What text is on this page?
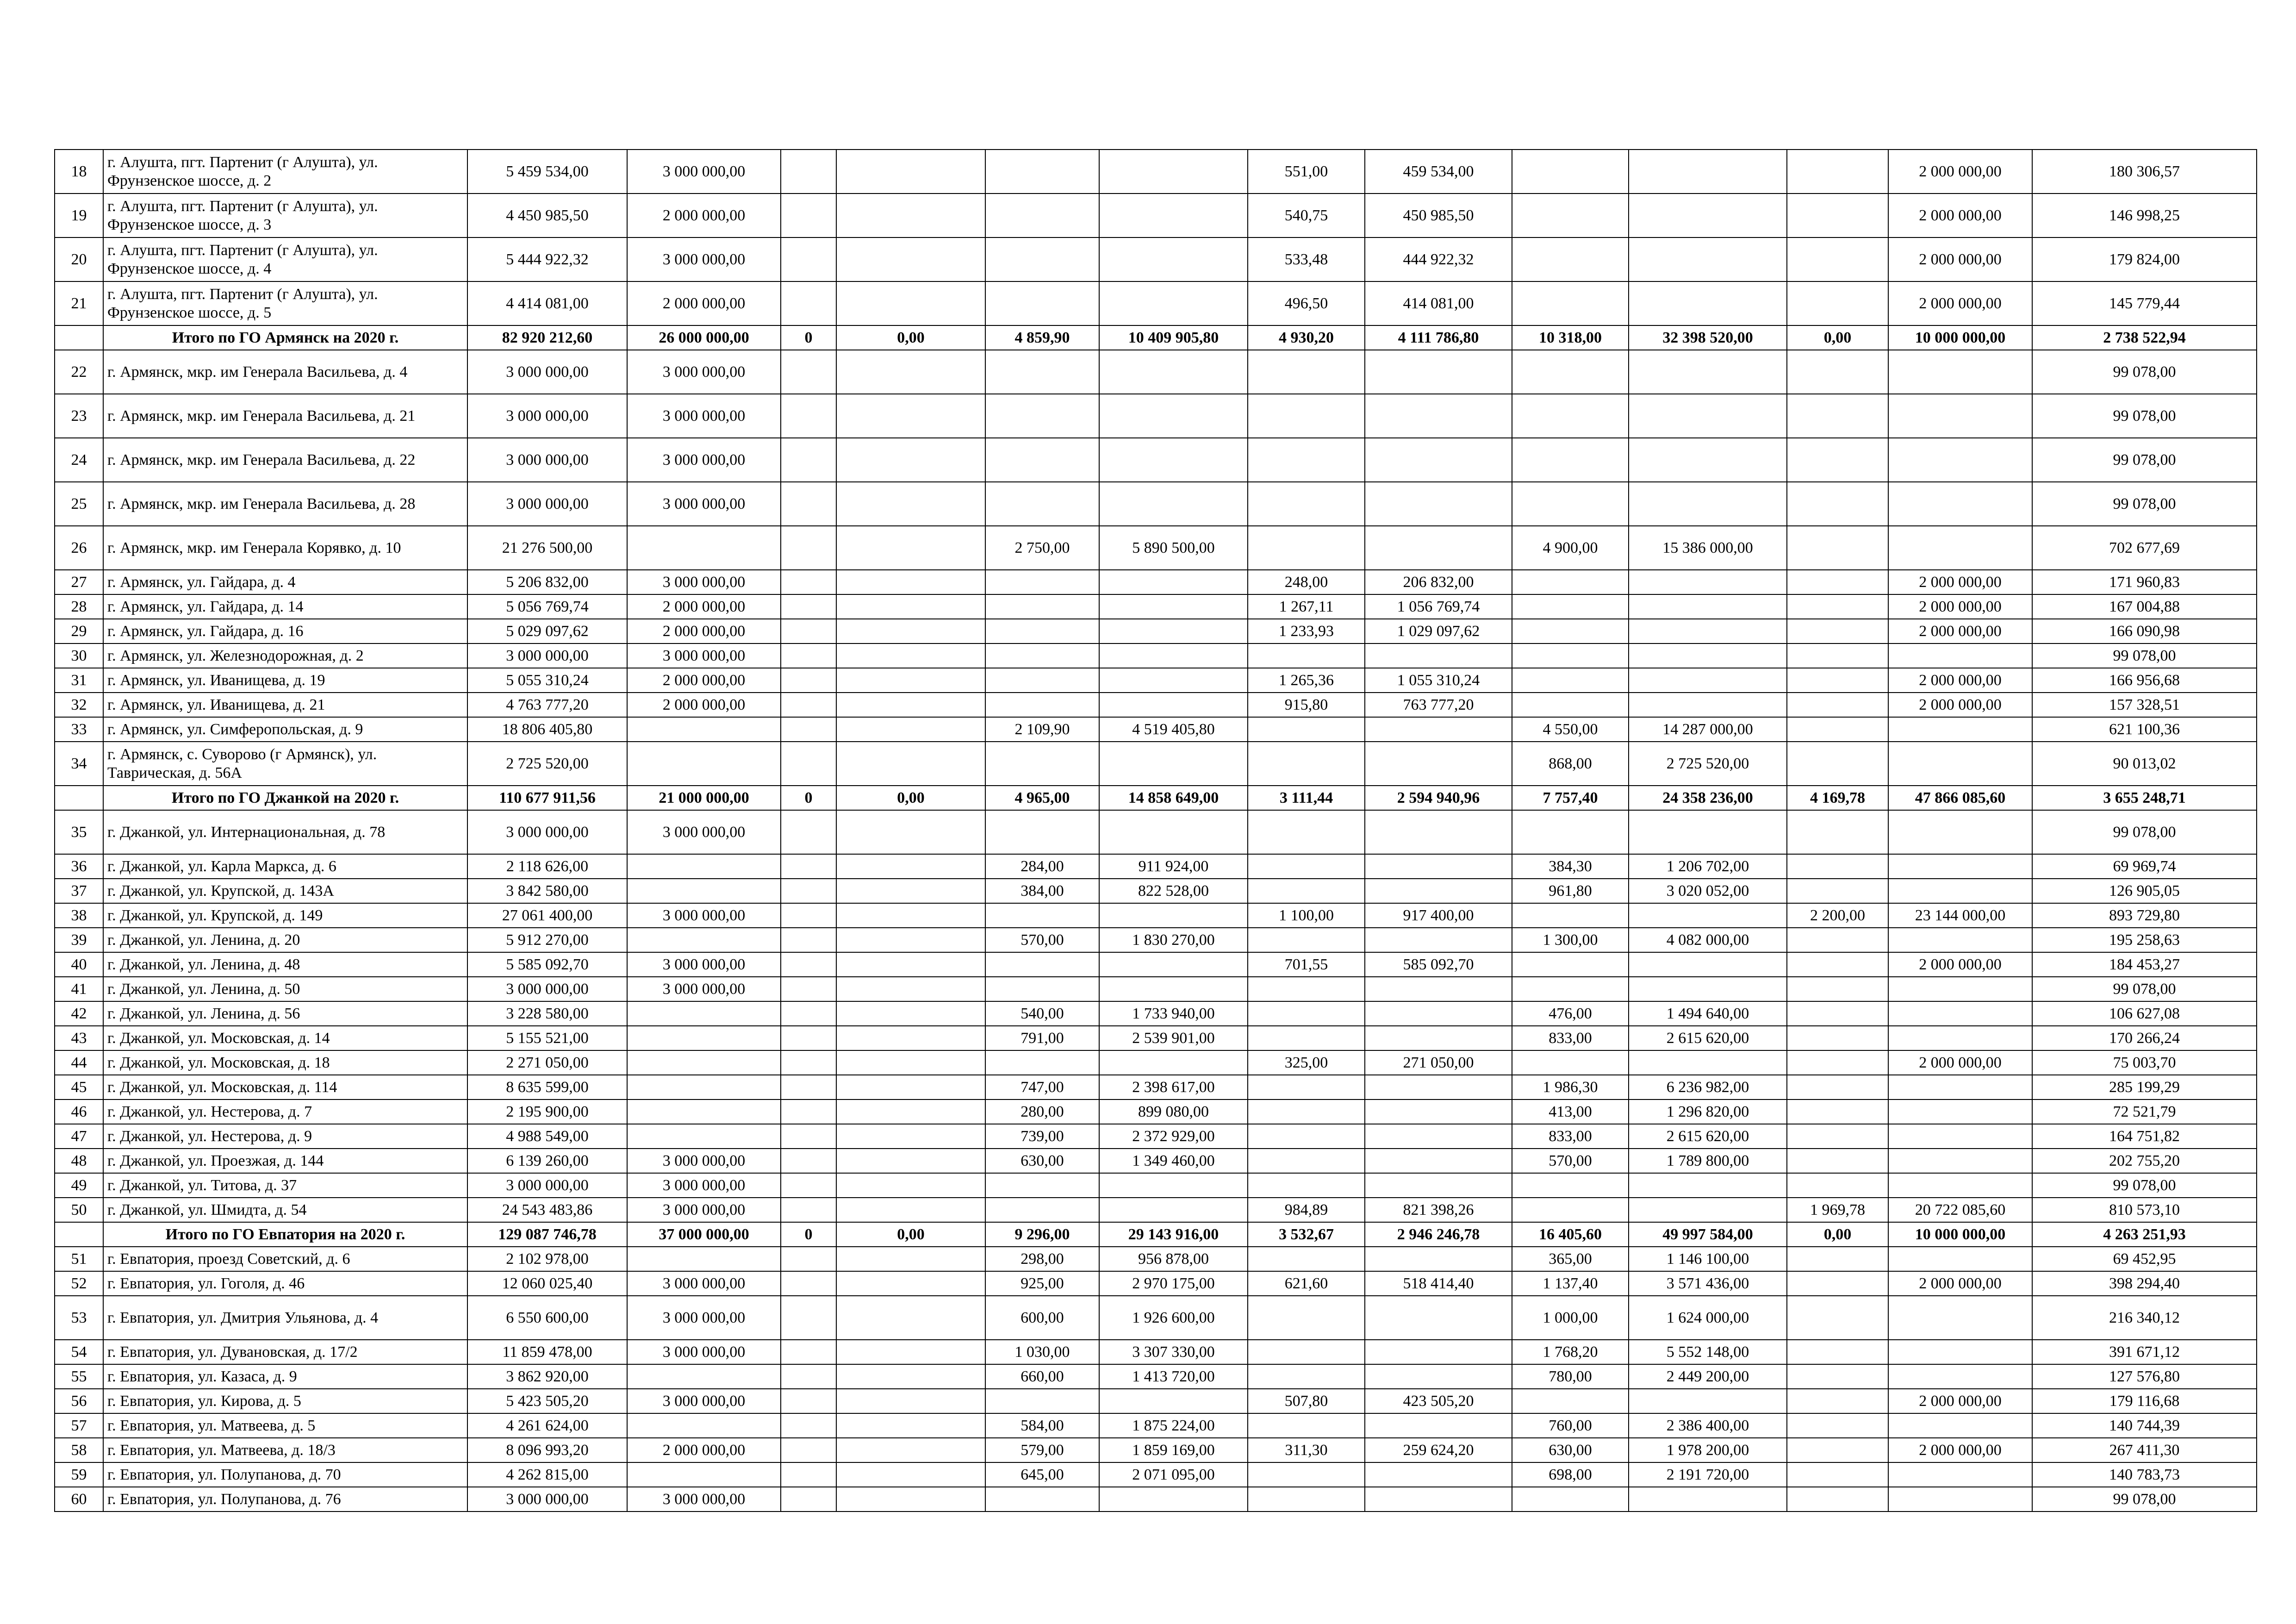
18	г. Алушта, пгт. Партенит (г Алушта), ул. Фрунзенское шоссе, д. 2	5 459 534,00	3 000 000,00					551,00	459 534,00				2 000 000,00	180 306,57
19	г. Алушта, пгт. Партенит (г Алушта), ул. Фрунзенское шоссе, д. 3	4 450 985,50	2 000 000,00					540,75	450 985,50				2 000 000,00	146 998,25
20	г. Алушта, пгт. Партенит (г Алушта), ул. Фрунзенское шоссе, д. 4	5 444 922,32	3 000 000,00					533,48	444 922,32				2 000 000,00	179 824,00
21	г. Алушта, пгт. Партенит (г Алушта), ул. Фрунзенское шоссе, д. 5	4 414 081,00	2 000 000,00					496,50	414 081,00				2 000 000,00	145 779,44
	Итого по ГО Армянск на 2020 г.	82 920 212,60	26 000 000,00	0	0,00	4 859,90	10 409 905,80	4 930,20	4 111 786,80	10 318,00	32 398 520,00	0,00	10 000 000,00	2 738 522,94
22	г. Армянск, мкр. им Генерала Васильева, д. 4	3 000 000,00	3 000 000,00											99 078,00
23	г. Армянск, мкр. им Генерала Васильева, д. 21	3 000 000,00	3 000 000,00											99 078,00
24	г. Армянск, мкр. им Генерала Васильева, д. 22	3 000 000,00	3 000 000,00											99 078,00
25	г. Армянск, мкр. им Генерала Васильева, д. 28	3 000 000,00	3 000 000,00											99 078,00
26	г. Армянск, мкр. им Генерала Корявко, д. 10	21 276 500,00				2 750,00	5 890 500,00			4 900,00	15 386 000,00			702 677,69
27	г. Армянск, ул. Гайдара, д. 4	5 206 832,00	3 000 000,00					248,00	206 832,00				2 000 000,00	171 960,83
28	г. Армянск, ул. Гайдара, д. 14	5 056 769,74	2 000 000,00					1 267,11	1 056 769,74				2 000 000,00	167 004,88
29	г. Армянск, ул. Гайдара, д. 16	5 029 097,62	2 000 000,00					1 233,93	1 029 097,62				2 000 000,00	166 090,98
30	г. Армянск, ул. Железнодорожная, д. 2	3 000 000,00	3 000 000,00											99 078,00
31	г. Армянск, ул. Иванищева, д. 19	5 055 310,24	2 000 000,00					1 265,36	1 055 310,24				2 000 000,00	166 956,68
32	г. Армянск, ул. Иванищева, д. 21	4 763 777,20	2 000 000,00					915,80	763 777,20				2 000 000,00	157 328,51
33	г. Армянск, ул. Симферопольская, д. 9	18 806 405,80				2 109,90	4 519 405,80			4 550,00	14 287 000,00			621 100,36
34	г. Армянск, с. Суворово (г Армянск), ул. Таврическая, д. 56А	2 725 520,00								868,00	2 725 520,00			90 013,02
	Итого по ГО Джанкой на 2020 г.	110 677 911,56	21 000 000,00	0	0,00	4 965,00	14 858 649,00	3 111,44	2 594 940,96	7 757,40	24 358 236,00	4 169,78	47 866 085,60	3 655 248,71
35	г. Джанкой, ул. Интернациональная, д. 78	3 000 000,00	3 000 000,00											99 078,00
36	г. Джанкой, ул. Карла Маркса, д. 6	2 118 626,00				284,00	911 924,00			384,30	1 206 702,00			69 969,74
37	г. Джанкой, ул. Крупской, д. 143А	3 842 580,00				384,00	822 528,00			961,80	3 020 052,00			126 905,05
38	г. Джанкой, ул. Крупской, д. 149	27 061 400,00	3 000 000,00					1 100,00	917 400,00			2 200,00	23 144 000,00	893 729,80
39	г. Джанкой, ул. Ленина, д. 20	5 912 270,00				570,00	1 830 270,00			1 300,00	4 082 000,00			195 258,63
40	г. Джанкой, ул. Ленина, д. 48	5 585 092,70	3 000 000,00					701,55	585 092,70				2 000 000,00	184 453,27
41	г. Джанкой, ул. Ленина, д. 50	3 000 000,00	3 000 000,00											99 078,00
42	г. Джанкой, ул. Ленина, д. 56	3 228 580,00				540,00	1 733 940,00			476,00	1 494 640,00			106 627,08
43	г. Джанкой, ул. Московская, д. 14	5 155 521,00				791,00	2 539 901,00			833,00	2 615 620,00			170 266,24
44	г. Джанкой, ул. Московская, д. 18	2 271 050,00						325,00	271 050,00				2 000 000,00	75 003,70
45	г. Джанкой, ул. Московская, д. 114	8 635 599,00				747,00	2 398 617,00			1 986,30	6 236 982,00			285 199,29
46	г. Джанкой, ул. Нестерова, д. 7	2 195 900,00				280,00	899 080,00			413,00	1 296 820,00			72 521,79
47	г. Джанкой, ул. Нестерова, д. 9	4 988 549,00				739,00	2 372 929,00			833,00	2 615 620,00			164 751,82
48	г. Джанкой, ул. Проезжая, д. 144	6 139 260,00	3 000 000,00			630,00	1 349 460,00			570,00	1 789 800,00			202 755,20
49	г. Джанкой, ул. Титова, д. 37	3 000 000,00	3 000 000,00											99 078,00
50	г. Джанкой, ул. Шмидта, д. 54	24 543 483,86	3 000 000,00					984,89	821 398,26			1 969,78	20 722 085,60	810 573,10
	Итого по ГО Евпатория на 2020 г.	129 087 746,78	37 000 000,00	0	0,00	9 296,00	29 143 916,00	3 532,67	2 946 246,78	16 405,60	49 997 584,00	0,00	10 000 000,00	4 263 251,93
51	г. Евпатория, проезд Советский, д. 6	2 102 978,00				298,00	956 878,00			365,00	1 146 100,00			69 452,95
52	г. Евпатория, ул. Гоголя, д. 46	12 060 025,40	3 000 000,00			925,00	2 970 175,00	621,60	518 414,40	1 137,40	3 571 436,00		2 000 000,00	398 294,40
53	г. Евпатория, ул. Дмитрия Ульянова, д. 4	6 550 600,00	3 000 000,00			600,00	1 926 600,00			1 000,00	1 624 000,00			216 340,12
54	г. Евпатория, ул. Дувановская, д. 17/2	11 859 478,00	3 000 000,00			1 030,00	3 307 330,00			1 768,20	5 552 148,00			391 671,12
55	г. Евпатория, ул. Казаса, д. 9	3 862 920,00				660,00	1 413 720,00			780,00	2 449 200,00			127 576,80
56	г. Евпатория, ул. Кирова, д. 5	5 423 505,20	3 000 000,00					507,80	423 505,20				2 000 000,00	179 116,68
57	г. Евпатория, ул. Матвеева, д. 5	4 261 624,00				584,00	1 875 224,00			760,00	2 386 400,00			140 744,39
58	г. Евпатория, ул. Матвеева, д. 18/3	8 096 993,20	2 000 000,00			579,00	1 859 169,00	311,30	259 624,20	630,00	1 978 200,00		2 000 000,00	267 411,30
59	г. Евпатория, ул. Полупанова, д. 70	4 262 815,00				645,00	2 071 095,00			698,00	2 191 720,00			140 783,73
60	г. Евпатория, ул. Полупанова, д. 76	3 000 000,00	3 000 000,00											99 078,00
